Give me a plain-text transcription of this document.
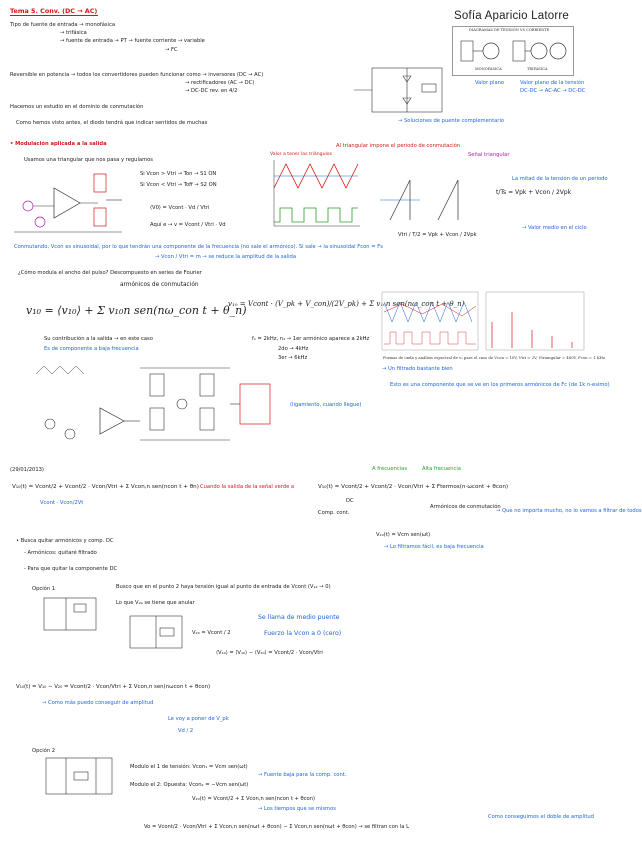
Tema 5. Conv. (DC → AC)	Sofía Aparicio Latorre
Tipo de fuente de entrada → monofásica
→ trifásica
→ fuente de entrada → PT → fuente corriente → variable
→ FC
Reversible en potencia → todos los convertidores pueden funcionar como → inversores (DC → AC)
→ rectificadores (AC → DC)
→ DC-DC rev. en 4/2
Hacemos un estudio en el dominio de conmutación
Como hemos visto antes, el diodo tendrá que indicar sentidos de muchas
DIAGRAMAS DE TENSIÓN VS CORRIENTE
MONOFASICA	TRIFASICA
Valor plano	Valor plano de la tensión
DC-DC → AC-AC → DC-DC
→ Soluciones de puente complementario
• Modulación aplicada a la salida
Usamos una triangular que nos pasa y regulamos
Al triangular impone el periodo de conmutación
Valor a tener las triángulos	Señal triangular
Si Vcon > Vtri → Ton → S1 ON
Si Vcon < Vtri → Toff → S2 ON
⟨V0⟩ = Vcont · Vd / Vtri
Aquí e → v = Vcont / Vtri · Vd
Vtri / T/2 = Vpk + Vcon / 2Vpk
La mitad de la tensión de un período
t/Ts = Vpk + Vcon / 2Vpk
→ Valor medio en el ciclo
Conmutando, Vcon es sinusoidal, por lo que tendrán una componente de la frecuencia (no sale el armónico). Si sale → la sinusoidal Fcon = Fs
→ Vcon / Vtri = m → se reduce la amplitud de la salida
¿Cómo modula el ancho del pulso? Descompuesto en series de Fourier
armónicos de conmutación
v₁₀ = ⟨v₁₀⟩ + Σ v₁₀n sen(nω_con t + θ_n)
v₁₀ = Vcont · (V_pk + V_con)/(2V_pk) + Σ v₁₀n sen(nω_con t + θ_n)
Su contribución a la salida → en este caso
Es de componente a baja frecuencia
f₁ = 2kHz, n₁ → 1er armónico aparece a 2kHz
2do → 4kHz
3er → 6kHz	Formas de onda y análisis espectral de v₀ para el caso de Vcon = 10V, Vtri = 2V, Vtriangular = 400V, Fcon = 1 KHz
→ Un filtrado bastante bien
Esto es una componente que se ve en los primeros armónicos de Fc (de 1k n-esimo)
(ligamiento, cuando llegue)
(29/01/2013)
V₁₀(t) = Vcont/2 + Vcont/2 · Vcon/Vtri + Σ Vcon,n sen(ncon t + θn) Cuando la salida de la señal verde a
Vcont · Vcon/2Vt
A frecuencias	Alta frecuencia
V₁₀(t) = Vcont/2 + Vcont/2 · Vcon/Vtri + Σ Ftermos(n·ωcont + θcon)
DC
Comp. cont.
Armónicos de conmutación
→ Que no importa mucho, no lo vamos a filtrar de todos
V₁₀(t) = Vcm sen(ωt)
→ Lo filtramos fácil, es baja frecuencia
• Busca quitar armónicos y comp. DC
- Armónicos: quitaré filtrado
- Para que quitar la componente DC
Opción 1	Busco que en el punto 2 haya tensión igual al punto de entrada de Vcont (V₁₂ → 0)
Lo que V₂₀ se tiene que anular
V₂₀ = Vcont / 2
Se llama de medio puente
Fuerzo la Vcon a 0 (cero)
⟨V₁₀⟩ = ⟨V₁₀⟩ − ⟨V₂₀⟩ = Vcont/2 · Vcon/Vtri
V₁₀(t) = V₁₀ − V₂₀ = Vcont/2 · Vcon/Vtri + Σ Vcon,n sen(nωcon t + θcon)
→ Como más puedo conseguir de amplitud
Le voy a poner de V_pk
Vd / 2
Opción 2
Modulo el 1 de tensión: Vcon₁ = Vcm sen(ωt)
→ Fuente baja para la comp. cont.
Modulo el 2: Opuesta: Vcon₂ = −Vcm sen(ωt)
V₂₀(t) = Vcont/2 + Σ Vcon,n sen(ncon t + θcon)
→ Los tiempos que se mismos
Vo = Vcont/2 · Vcon/Vtri + Σ Vcon,n sen(nωt + θcon) − Σ Vcon,n sen(nωt + θcon) → se filtran con la L
Como conseguimos el doble de amplitud
